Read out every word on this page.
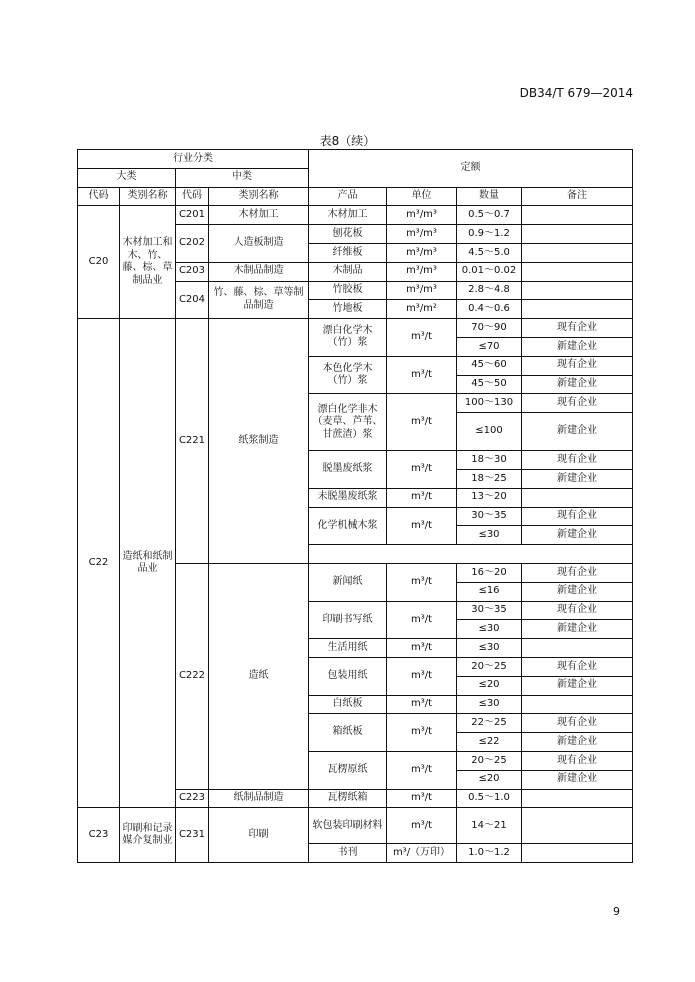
DB34/T 679—2014
表8（续）
行业分类				定额			
大类		中类					
代码	类别名称	代码	类别名称	产品	单位	数量	备注
C20	木材加工和木、竹、藤、棕、草制品业	C201	木材加工	木材加工	m³/m³	0.5～0.7	
		C202	人造板制造	刨花板	m³/m³	0.9～1.2	
				纤维板	m³/m³	4.5～5.0	
		C203	木制品制造	木制品	m³/m³	0.01～0.02	
		C204	竹、藤、棕、草等制品制造	竹胶板	m³/m³	2.8～4.8	
				竹地板	m³/m²	0.4～0.6	
C22	造纸和纸制品业	C221	纸浆制造	漂白化学木（竹）浆	m³/t	70～90	现有企业
						≤70	新建企业
				本色化学木（竹）浆	m³/t	45～60	现有企业
						45～50	新建企业
				漂白化学非木（麦草、芦苇、甘蔗渣）浆	m³/t	100～130	现有企业
						≤100	新建企业
				脱墨废纸浆	m³/t	18～30	现有企业
						18～25	新建企业
				未脱墨废纸浆	m³/t	13～20	
				化学机械木浆	m³/t	30～35	现有企业
						≤30	新建企业

		C222	造纸	新闻纸	m³/t	16～20	现有企业
						≤16	新建企业
				印刷书写纸	m³/t	30～35	现有企业
						≤30	新建企业
				生活用纸	m³/t	≤30	
				包装用纸	m³/t	20～25	现有企业
						≤20	新建企业
				白纸板	m³/t	≤30	
				箱纸板	m³/t	22～25	现有企业
						≤22	新建企业
				瓦楞原纸	m³/t	20～25	现有企业
						≤20	新建企业
		C223	纸制品制造	瓦楞纸箱	m³/t	0.5～1.0	
C23	印刷和记录媒介复制业	C231	印刷	软包装印刷材料	m³/t	14～21	
				书刊	m³/（万印）	1.0～1.2	
9
